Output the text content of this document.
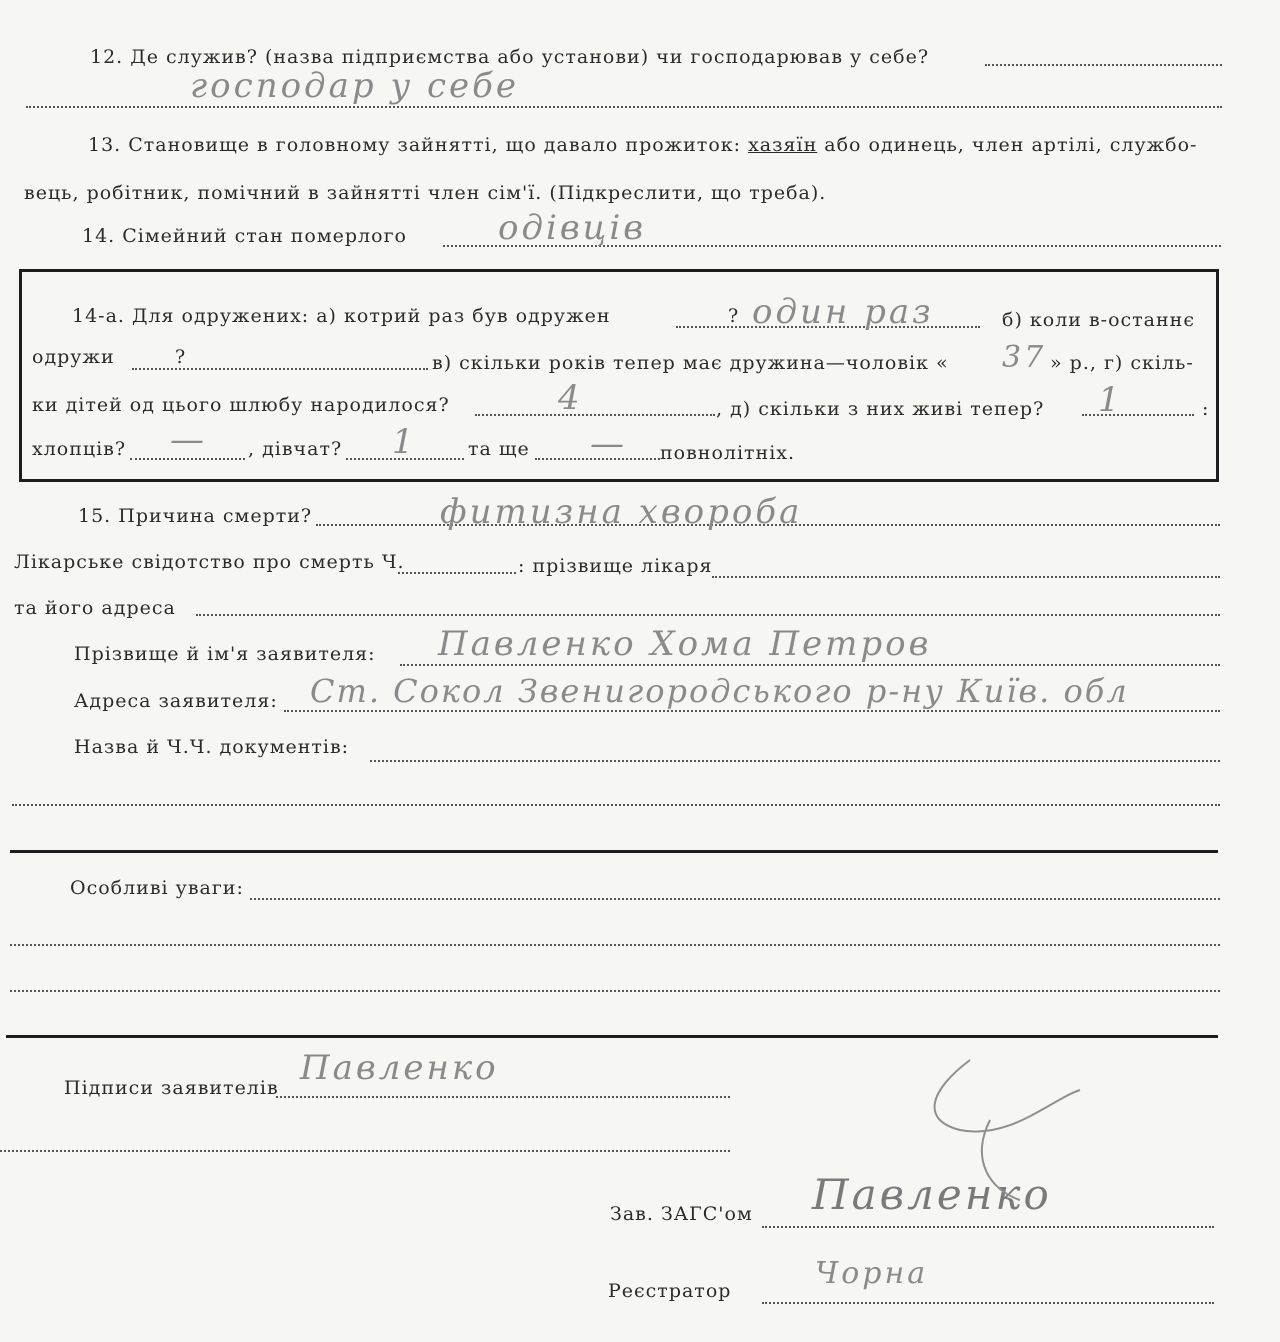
12. Де служив? (назва підприємства або установи) чи господарював у себе?
господар у себе
13. Становище в головному зайнятті, що давало прожиток: хазяїн або одинець, член артілі, службо-
вець, робітник, помічний в зайнятті член сім'ї. (Підкреслити, що треба).
14. Сімейний стан померлого	одівців
14-а. Для одружених: а) котрий раз був одружен	? один раз	б) коли в-останнє
одружи	?	в) скільки років тепер має дружина—чоловік « 37 » р., г) скіль-
ки дітей од цього шлюбу народилося?	4	, д) скільки з них живі тепер? 1	:
хлопців? — , дівчат? 1	та ще — повнолітніх.
15. Причина смерти?	фитизна хвороба
Лікарське свідотство про смерть Ч.	: прізвище лікаря
та його адреса
Прізвище й ім'я заявителя: Павленко Хома Петров
Адреса заявителя: Ст. Сокол Звенигородського р-ну Київ. обл
Назва й Ч.Ч. документів:
Особливі уваги:
Підписи заявителів Павленко
Зав. ЗАГС'ом Павленко
Реєстратор	Чорна
